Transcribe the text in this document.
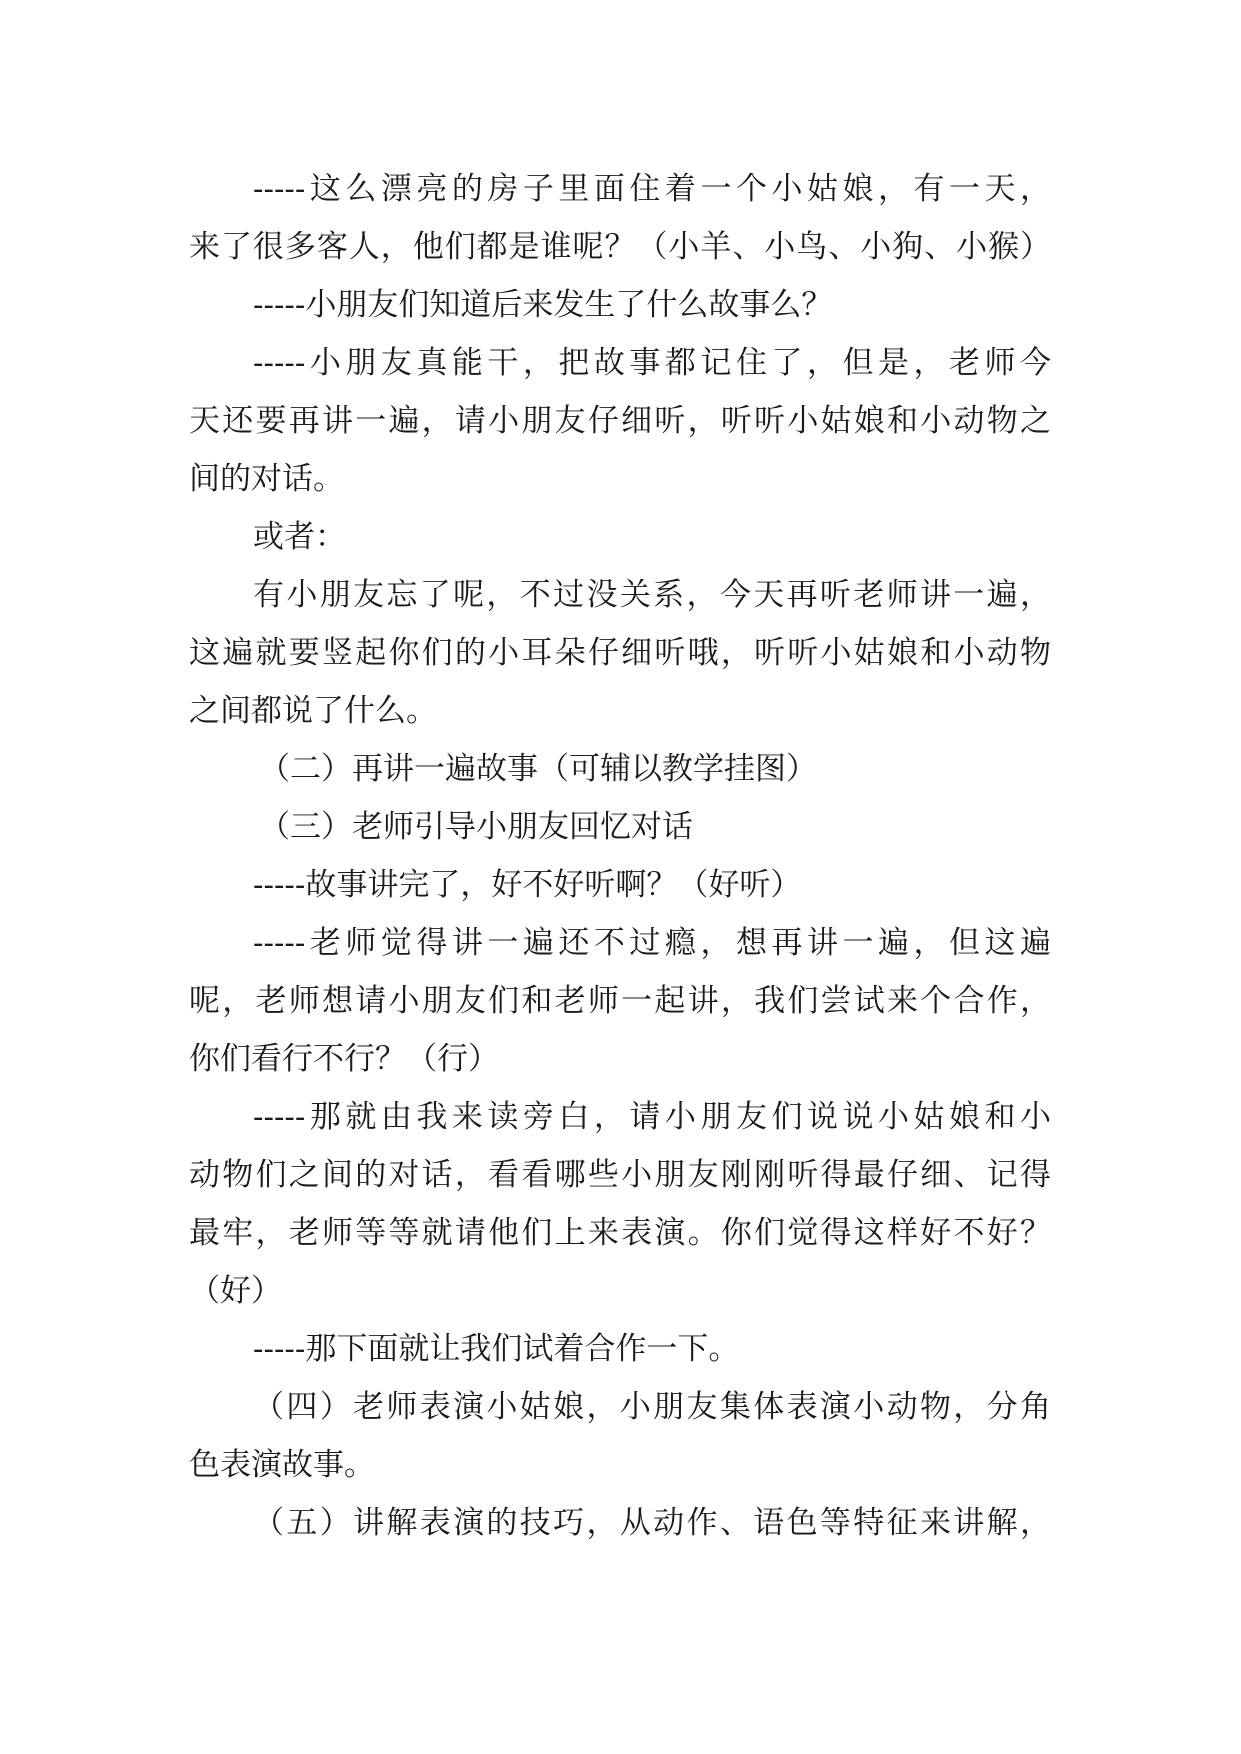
-----这么漂亮的房子里面住着一个小姑娘，有一天，
来了很多客人，他们都是谁呢？（小羊、小鸟、小狗、小猴）
-----小朋友们知道后来发生了什么故事么？
-----小朋友真能干，把故事都记住了，但是，老师今
天还要再讲一遍，请小朋友仔细听，听听小姑娘和小动物之
间的对话。
或者：
有小朋友忘了呢，不过没关系，今天再听老师讲一遍，
这遍就要竖起你们的小耳朵仔细听哦，听听小姑娘和小动物
之间都说了什么。
（二）再讲一遍故事（可辅以教学挂图）
（三）老师引导小朋友回忆对话
-----故事讲完了，好不好听啊？（好听）
-----老师觉得讲一遍还不过瘾，想再讲一遍，但这遍
呢，老师想请小朋友们和老师一起讲，我们尝试来个合作，
你们看行不行？（行）
-----那就由我来读旁白，请小朋友们说说小姑娘和小
动物们之间的对话，看看哪些小朋友刚刚听得最仔细、记得
最牢，老师等等就请他们上来表演。你们觉得这样好不好？
（好）
-----那下面就让我们试着合作一下。
（四）老师表演小姑娘，小朋友集体表演小动物，分角
色表演故事。
（五）讲解表演的技巧，从动作、语色等特征来讲解，
